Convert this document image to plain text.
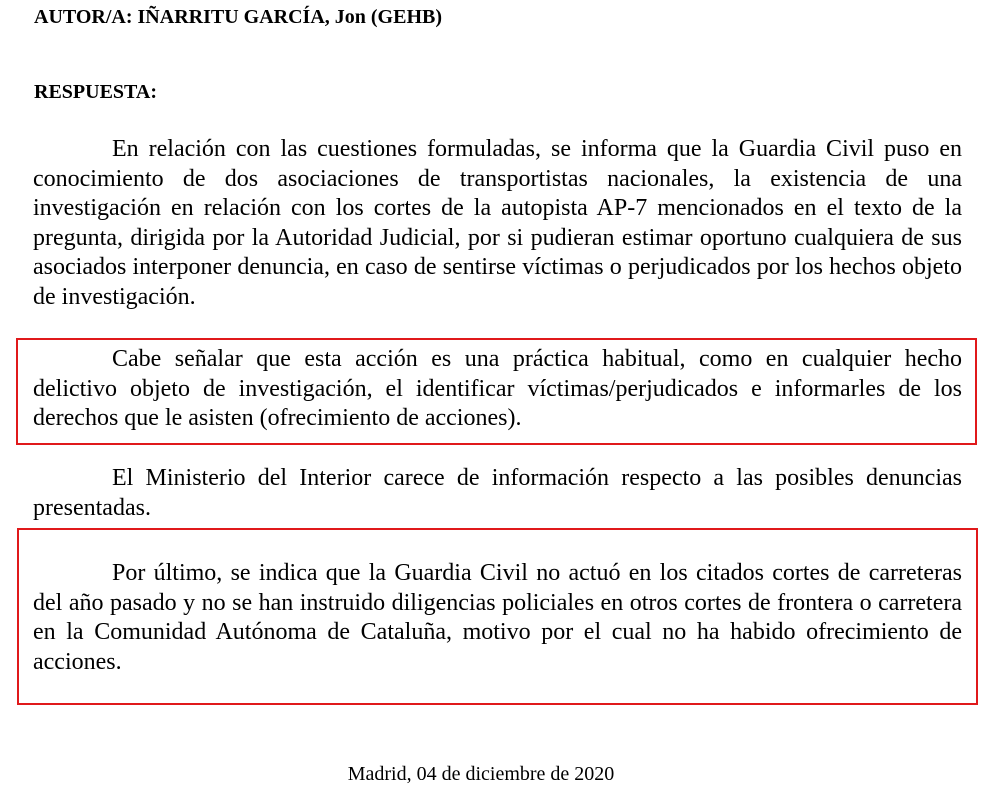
AUTOR/A: IÑARRITU GARCÍA, Jon (GEHB)
RESPUESTA:

En relación con las cuestiones formuladas, se informa que la Guardia Civil puso en conocimiento de dos asociaciones de transportistas nacionales, la existencia de una investigación en relación con los cortes de la autopista AP-7 mencionados en el texto de la pregunta, dirigida por la Autoridad Judicial, por si pudieran estimar oportuno cualquiera de sus asociados interponer denuncia, en caso de sentirse víctimas o perjudicados por los hechos objeto de investigación.

Cabe señalar que esta acción es una práctica habitual, como en cualquier hecho delictivo objeto de investigación, el identificar víctimas/perjudicados e informarles de los derechos que le asisten (ofrecimiento de acciones).

El Ministerio del Interior carece de información respecto a las posibles denuncias presentadas.

Por último, se indica que la Guardia Civil no actuó en los citados cortes de carreteras del año pasado y no se han instruido diligencias policiales en otros cortes de frontera o carretera en la Comunidad Autónoma de Cataluña, motivo por el cual no ha habido ofrecimiento de acciones.

Madrid, 04 de diciembre de 2020
